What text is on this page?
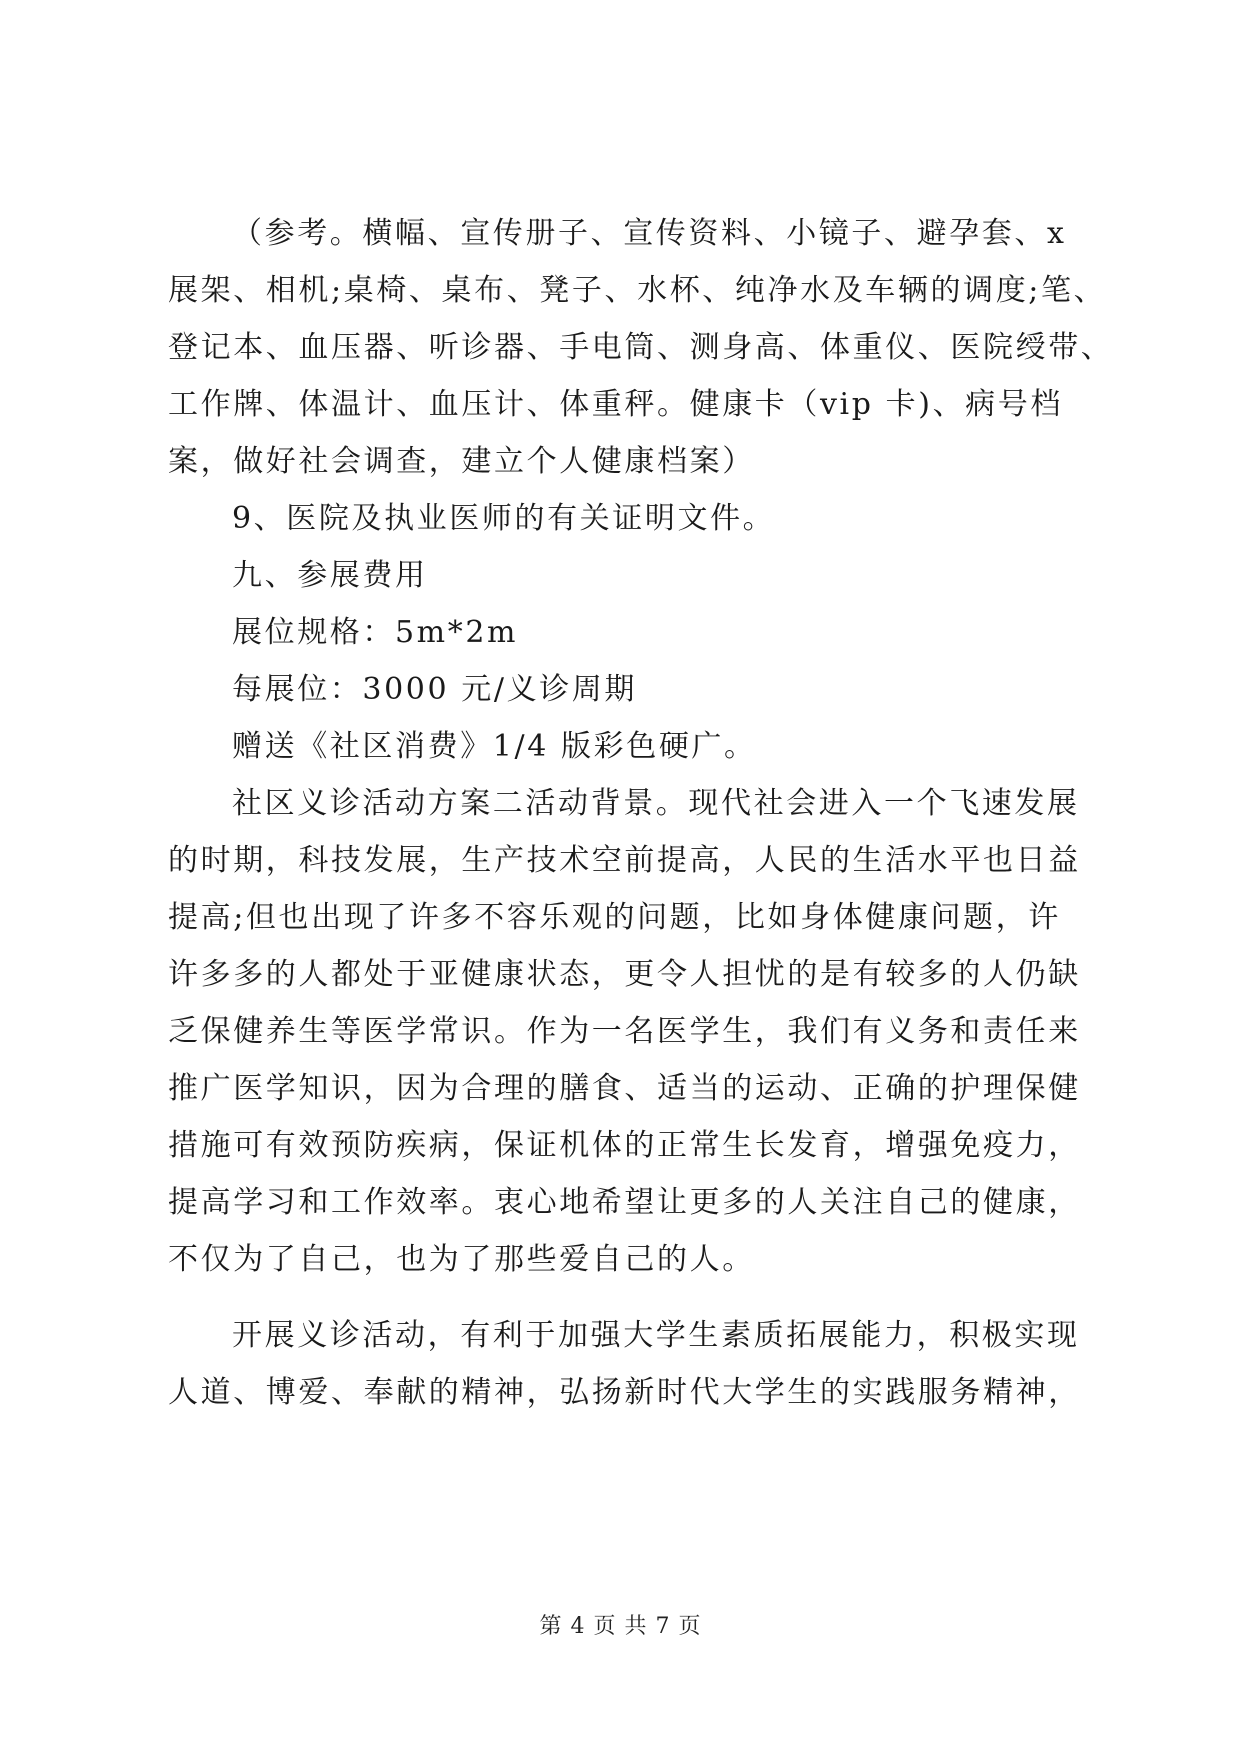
（参考。横幅、宣传册子、宣传资料、小镜子、避孕套、x
展架、相机;桌椅、桌布、凳子、水杯、纯净水及车辆的调度;笔、
登记本、血压器、听诊器、手电筒、测身高、体重仪、医院绶带、
工作牌、体温计、血压计、体重秤。健康卡（vip 卡)、病号档
案，做好社会调查，建立个人健康档案）
9、医院及执业医师的有关证明文件。
九、参展费用
展位规格：5m*2m
每展位：3000 元/义诊周期
赠送《社区消费》1/4 版彩色硬广。
社区义诊活动方案二活动背景。现代社会进入一个飞速发展
的时期，科技发展，生产技术空前提高，人民的生活水平也日益
提高;但也出现了许多不容乐观的问题，比如身体健康问题，许
许多多的人都处于亚健康状态，更令人担忧的是有较多的人仍缺
乏保健养生等医学常识。作为一名医学生，我们有义务和责任来
推广医学知识，因为合理的膳食、适当的运动、正确的护理保健
措施可有效预防疾病，保证机体的正常生长发育，增强免疫力，
提高学习和工作效率。衷心地希望让更多的人关注自己的健康，
不仅为了自己，也为了那些爱自己的人。
开展义诊活动，有利于加强大学生素质拓展能力，积极实现
人道、博爱、奉献的精神，弘扬新时代大学生的实践服务精神，
第 4 页 共 7 页
